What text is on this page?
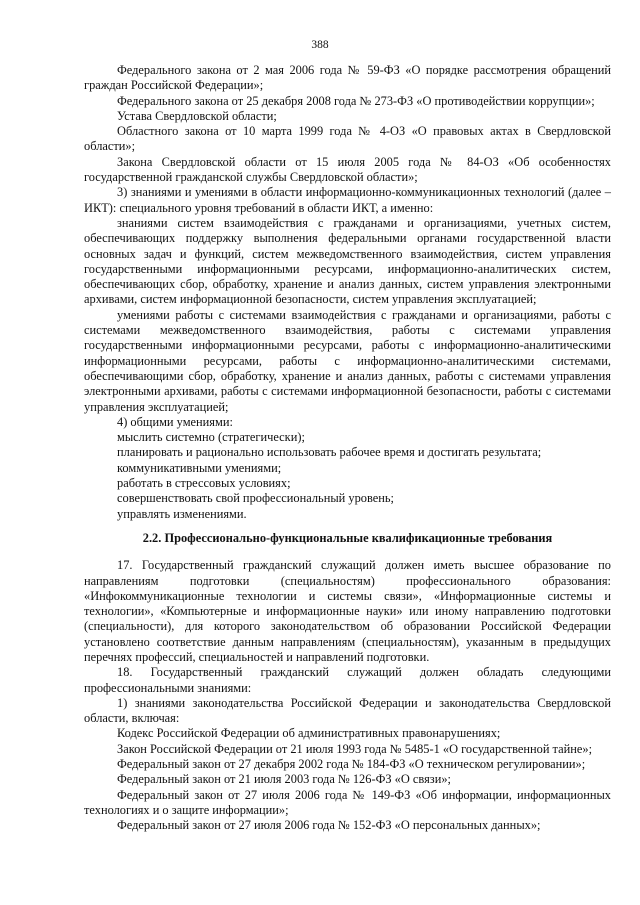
388

Федерального закона от 2 мая 2006 года № 59-ФЗ «О порядке рассмотрения обращений граждан Российской Федерации»;

Федерального закона от 25 декабря 2008 года № 273-ФЗ «О противодействии коррупции»;

Устава Свердловской области;

Областного закона от 10 марта 1999 года № 4-ОЗ «О правовых актах в Свердловской области»;

Закона Свердловской области от 15 июля 2005 года № 84-ОЗ «Об особенностях государственной гражданской службы Свердловской области»;

3) знаниями и умениями в области информационно-коммуникационных технологий (далее – ИКТ): специального уровня требований в области ИКТ, а именно:

знаниями систем взаимодействия с гражданами и организациями, учетных систем, обеспечивающих поддержку выполнения федеральными органами государственной власти основных задач и функций, систем межведомственного взаимодействия, систем управления государственными информационными ресурсами, информационно-аналитических систем, обеспечивающих сбор, обработку, хранение и анализ данных, систем управления электронными архивами, систем информационной безопасности, систем управления эксплуатацией;

умениями работы с системами взаимодействия с гражданами и организациями, работы с системами межведомственного взаимодействия, работы с системами управления государственными информационными ресурсами, работы с информационно-аналитическими информационными ресурсами, работы с информационно-аналитическими системами, обеспечивающими сбор, обработку, хранение и анализ данных, работы с системами управления электронными архивами, работы с системами информационной безопасности, работы с системами управления эксплуатацией;

4) общими умениями:

мыслить системно (стратегически);

планировать и рационально использовать рабочее время и достигать результата;

коммуникативными умениями;

работать в стрессовых условиях;

совершенствовать свой профессиональный уровень;

управлять изменениями.

2.2. Профессионально-функциональные квалификационные требования

17. Государственный гражданский служащий должен иметь высшее образование по направлениям подготовки (специальностям) профессионального образования: «Инфокоммуникационные технологии и системы связи», «Информационные системы и технологии», «Компьютерные и информационные науки» или иному направлению подготовки (специальности), для которого законодательством об образовании Российской Федерации установлено соответствие данным направлениям (специальностям), указанным в предыдущих перечнях профессий, специальностей и направлений подготовки.

18. Государственный гражданский служащий должен обладать следующими профессиональными знаниями:

1) знаниями законодательства Российской Федерации и законодательства Свердловской области, включая:

Кодекс Российской Федерации об административных правонарушениях;

Закон Российской Федерации от 21 июля 1993 года № 5485-1 «О государственной тайне»;

Федеральный закон от 27 декабря 2002 года № 184-ФЗ «О техническом регулировании»;

Федеральный закон от 21 июля 2003 года № 126-ФЗ «О связи»;

Федеральный закон от 27 июля 2006 года № 149-ФЗ «Об информации, информационных технологиях и о защите информации»;

Федеральный закон от 27 июля 2006 года № 152-ФЗ «О персональных данных»;
